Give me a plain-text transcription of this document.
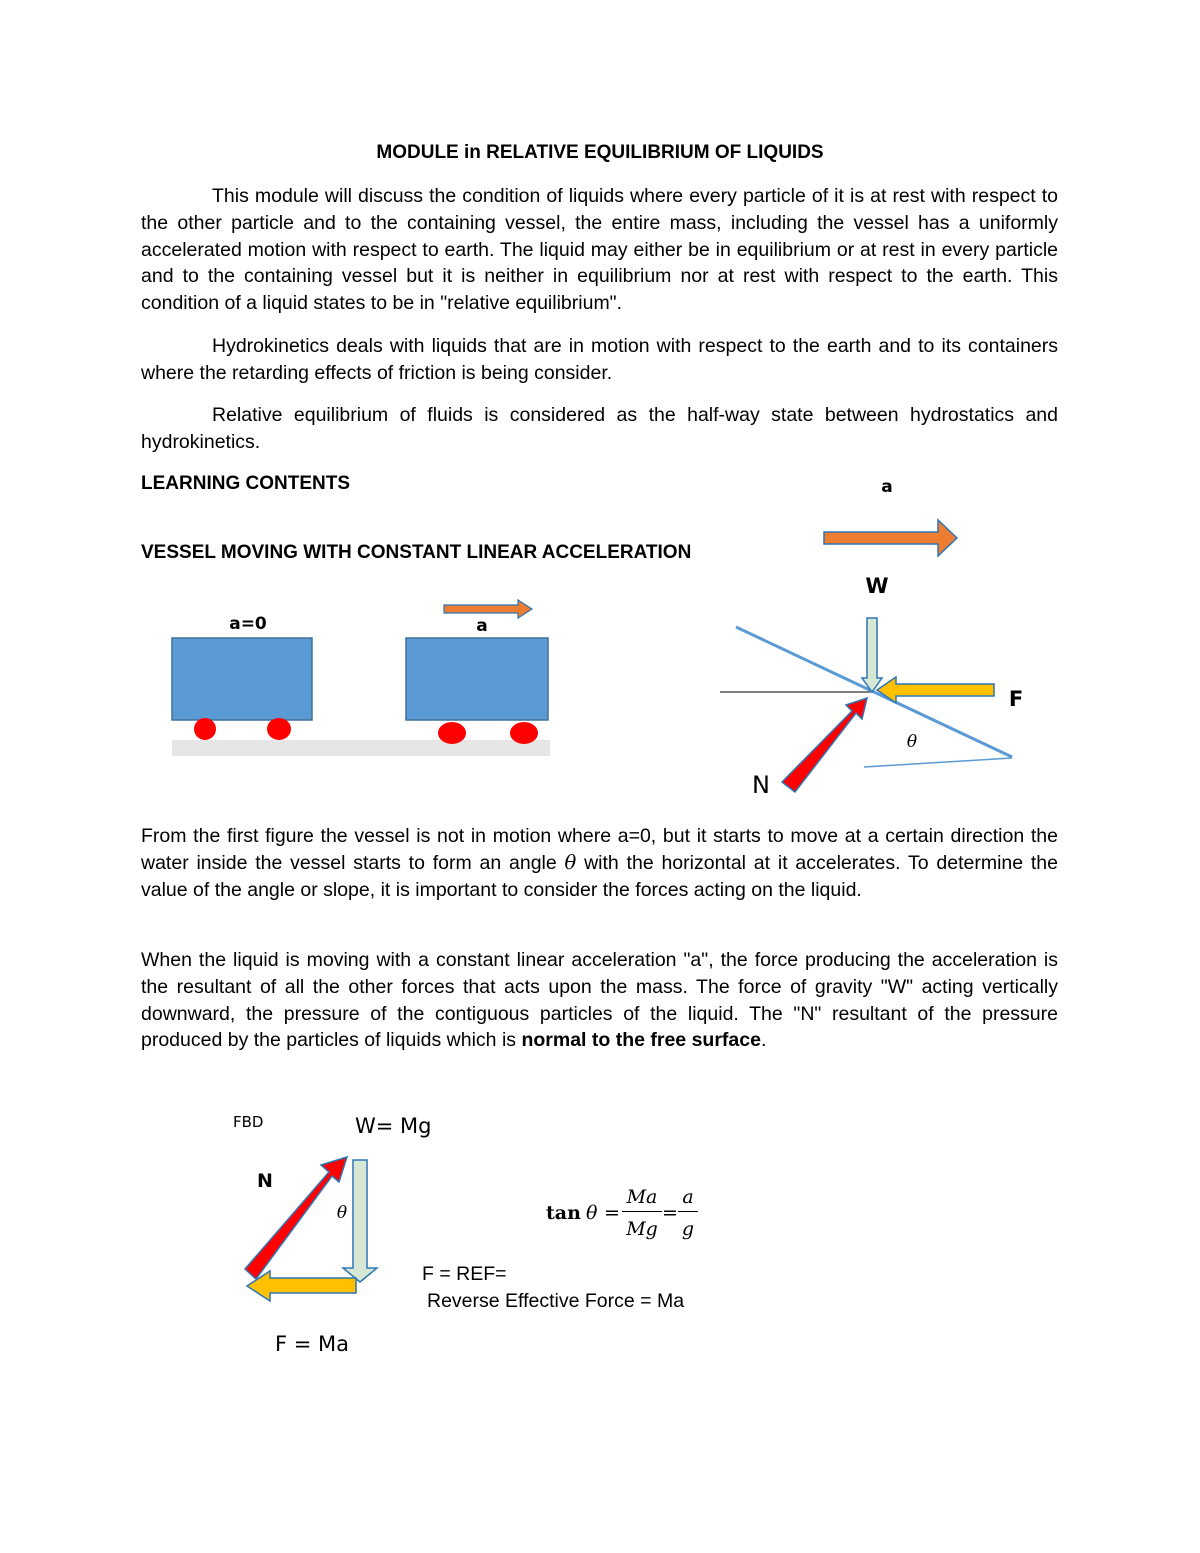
MODULE in RELATIVE EQUILIBRIUM OF LIQUIDS
This module will discuss the condition of liquids where every particle of it is at rest with respect to the other particle and to the containing vessel, the entire mass, including the vessel has a uniformly accelerated motion with respect to earth. The liquid may either be in equilibrium or at rest in every particle and to the containing vessel but it is neither in equilibrium nor at rest with respect to the earth. This condition of a liquid states to be in "relative equilibrium".
Hydrokinetics deals with liquids that are in motion with respect to the earth and to its containers where the retarding effects of friction is being consider.
Relative equilibrium of fluids is considered as the half-way state between hydrostatics and hydrokinetics.
LEARNING CONTENTS
VESSEL MOVING WITH CONSTANT LINEAR ACCELERATION
a=0	a
a
W
F
N
θ
From the first figure the vessel is not in motion where a=0, but it starts to move at a certain direction the water inside the vessel starts to form an angle θ with the horizontal at it accelerates. To determine the value of the angle or slope, it is important to consider the forces acting on the liquid.
When the liquid is moving with a constant linear acceleration "a", the force producing the acceleration is the resultant of all the other forces that acts upon the mass. The force of gravity "W" acting vertically downward, the pressure of the contiguous particles of the liquid. The "N" resultant of the pressure produced by the particles of liquids which is normal to the free surface.
FBD	W= Mg
N
θ
F = Ma
tan θ =
Ma
Mg
=
a
g
F = REF=
Reverse Effective Force = Ma
